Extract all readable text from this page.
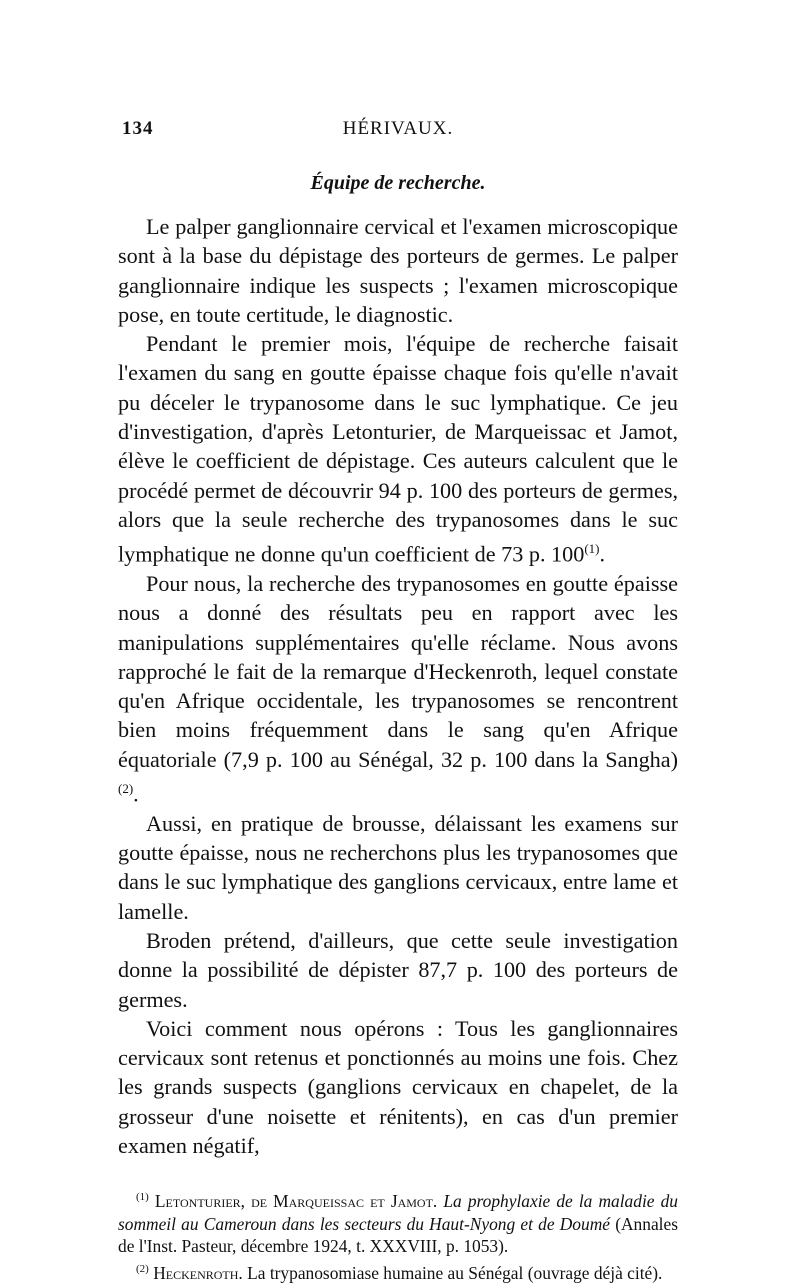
134	HÉRIVAUX.
Équipe de recherche.

Le palper ganglionnaire cervical et l'examen microscopique sont à la base du dépistage des porteurs de germes. Le palper ganglionnaire indique les suspects ; l'examen microscopique pose, en toute certitude, le diagnostic.

Pendant le premier mois, l'équipe de recherche faisait l'examen du sang en goutte épaisse chaque fois qu'elle n'avait pu déceler le trypanosome dans le suc lymphatique. Ce jeu d'investigation, d'après Letonturier, de Marqueissac et Jamot, élève le coefficient de dépistage. Ces auteurs calculent que le procédé permet de découvrir 94 p. 100 des porteurs de germes, alors que la seule recherche des trypanosomes dans le suc lymphatique ne donne qu'un coefficient de 73 p. 100$^{(1)}$.

Pour nous, la recherche des trypanosomes en goutte épaisse nous a donné des résultats peu en rapport avec les manipulations supplémentaires qu'elle réclame. Nous avons rapproché le fait de la remarque d'Heckenroth, lequel constate qu'en Afrique occidentale, les trypanosomes se rencontrent bien moins fréquemment dans le sang qu'en Afrique équatoriale (7,9 p. 100 au Sénégal, 32 p. 100 dans la Sangha)$^{(2)}$.

Aussi, en pratique de brousse, délaissant les examens sur goutte épaisse, nous ne recherchons plus les trypanosomes que dans le suc lymphatique des ganglions cervicaux, entre lame et lamelle.

Broden prétend, d'ailleurs, que cette seule investigation donne la possibilité de dépister 87,7 p. 100 des porteurs de germes.

Voici comment nous opérons : Tous les ganglionnaires cervicaux sont retenus et ponctionnés au moins une fois. Chez les grands suspects (ganglions cervicaux en chapelet, de la grosseur d'une noisette et rénitents), en cas d'un premier examen négatif,

$^{(1)}$ Letonturier, de Marqueissac et Jamot. La prophylaxie de la maladie du sommeil au Cameroun dans les secteurs du Haut-Nyong et de Doumé (Annales de l'Inst. Pasteur, décembre 1924, t. XXXVIII, p. 1053).

$^{(2)}$ Heckenroth. La trypanosomiase humaine au Sénégal (ouvrage déjà cité).
